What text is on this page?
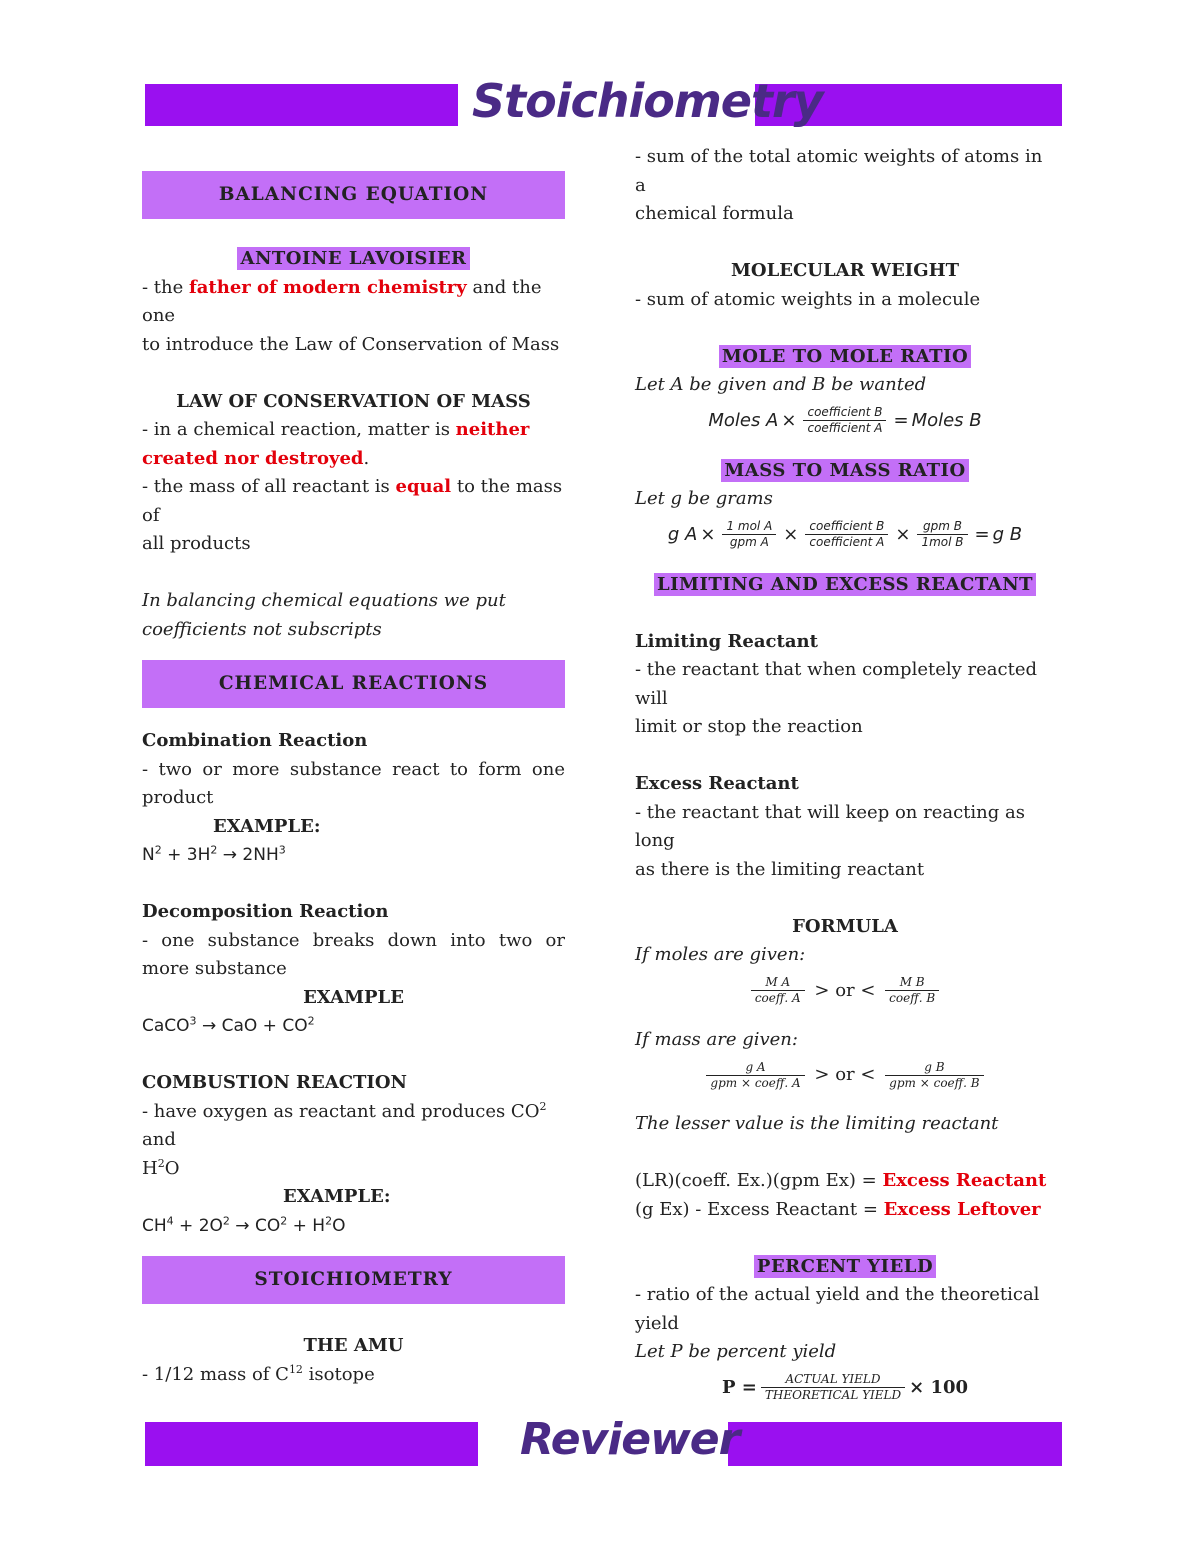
Stoichiometry
BALANCING EQUATION
ANTOINE LAVOISIER
- the father of modern chemistry and the one
to introduce the Law of Conservation of Mass
LAW OF CONSERVATION OF MASS
- in a chemical reaction, matter is neither
created nor destroyed.
- the mass of all reactant is equal to the mass of
all products
In balancing chemical equations we put
coefficients not subscripts
CHEMICAL REACTIONS
Combination Reaction
- two or more substance react to form one product
EXAMPLE:
$N^2 + 3H^2 \to 2NH^3$
Decomposition Reaction
- one substance breaks down into two or more substance
EXAMPLE
CaCO$^3$ → CaO + $CO^2$
COMBUSTION REACTION
- have oxygen as reactant and produces $CO^2$ and
$H^2O$
EXAMPLE:
$CH^4 + 2O^2 \to CO^2 + H^2O$
STOICHIOMETRY
THE AMU
- 1/12 mass of $C^{12}$ isotope
- sum of the total atomic weights of atoms in a
chemical formula
MOLECULAR WEIGHT
- sum of atomic weights in a molecule
MOLE TO MOLE RATIO
Let A be given and B be wanted
Moles $A \times \frac{\text{coefficient B}}{\text{coefficient A}}$ = Moles B
MASS TO MASS RATIO
Let g be grams
g $A \times \frac{\text{1 mol A}}{\text{gpm A}} \times \frac{\text{coefficient B}}{\text{coefficient A}} \times \frac{\text{gpm B}}{\text{1mol B}} = g$ B
LIMITING AND EXCESS REACTANT
Limiting Reactant
- the reactant that when completely reacted will
limit or stop the reaction
Excess Reactant
- the reactant that will keep on reacting as long
as there is the limiting reactant
FORMULA
If moles are given:
$\frac{\text{M A}}{\text{coeff. A}}$ > or < $\frac{\text{M B}}{\text{coeff. B}}$
If mass are given:
$\frac{\text{g A}}{\text{gpm × coeff. A}}$ > or < $\frac{\text{g B}}{\text{gpm × coeff. B}}$
The lesser value is the limiting reactant
(LR)(coeff. Ex.)(gpm Ex) = Excess Reactant
(g Ex) - Excess Reactant = Excess Leftover
PERCENT YIELD
- ratio of the actual yield and the theoretical
yield
Let P be percent yield
$P = \frac{\text{ACTUAL YIELD}}{\text{THEORETICAL YIELD}} \times 100$
Reviewer
